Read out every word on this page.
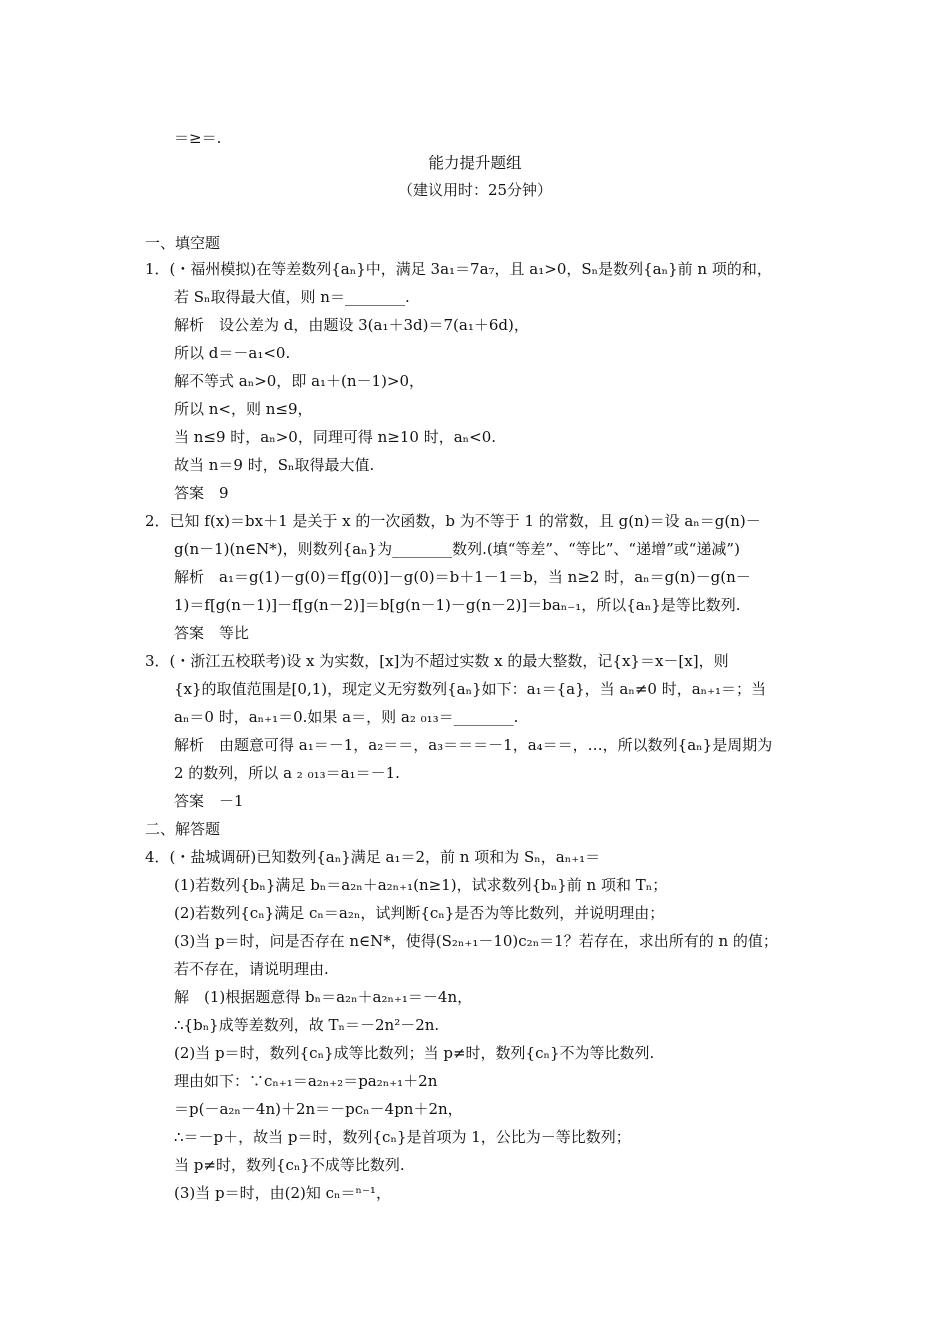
＝≥＝.
能力提升题组
（建议用时：25分钟）
一、填空题
1．(・福州模拟)在等差数列{aₙ}中，满足 3a₁＝7a₇，且 a₁>0，Sₙ是数列{aₙ}前 n 项的和，
若 Sₙ取得最大值，则 n＝________.
解析　设公差为 d，由题设 3(a₁＋3d)＝7(a₁＋6d)，
所以 d＝－a₁<0.
解不等式 aₙ>0，即 a₁＋(n－1)>0，
所以 n<，则 n≤9，
当 n≤9 时，aₙ>0，同理可得 n≥10 时，aₙ<0.
故当 n＝9 时，Sₙ取得最大值.
答案　9
2．已知 f(x)＝bx＋1 是关于 x 的一次函数，b 为不等于 1 的常数，且 g(n)＝设 aₙ＝g(n)－
g(n－1)(n∈N*)，则数列{aₙ}为________数列.(填“等差”、“等比”、“递增”或“递减”)
解析　a₁＝g(1)－g(0)＝f[g(0)]－g(0)＝b＋1－1＝b，当 n≥2 时，aₙ＝g(n)－g(n－
1)＝f[g(n－1)]－f[g(n－2)]＝b[g(n－1)－g(n－2)]＝baₙ₋₁，所以{aₙ}是等比数列.
答案　等比
3．(・浙江五校联考)设 x 为实数，[x]为不超过实数 x 的最大整数，记{x}＝x－[x]，则
{x}的取值范围是[0,1)，现定义无穷数列{aₙ}如下：a₁＝{a}，当 aₙ≠0 时，aₙ₊₁＝；当
aₙ＝0 时，aₙ₊₁＝0.如果 a＝，则 a₂ ₀₁₃＝________.
解析　由题意可得 a₁＝－1，a₂＝＝，a₃＝＝＝－1，a₄＝＝，…，所以数列{aₙ}是周期为
2 的数列，所以 a ₂ ₀₁₃＝a₁＝－1.
答案　－1
二、解答题
4．(・盐城调研)已知数列{aₙ}满足 a₁＝2，前 n 项和为 Sₙ，aₙ₊₁＝
(1)若数列{bₙ}满足 bₙ＝a₂ₙ＋a₂ₙ₊₁(n≥1)，试求数列{bₙ}前 n 项和 Tₙ；
(2)若数列{cₙ}满足 cₙ＝a₂ₙ，试判断{cₙ}是否为等比数列，并说明理由；
(3)当 p＝时，问是否存在 n∈N*，使得(S₂ₙ₊₁－10)c₂ₙ＝1？若存在，求出所有的 n 的值；
若不存在，请说明理由.
解　(1)根据题意得 bₙ＝a₂ₙ＋a₂ₙ₊₁＝－4n，
∴{bₙ}成等差数列，故 Tₙ＝－2n²－2n.
(2)当 p＝时，数列{cₙ}成等比数列；当 p≠时，数列{cₙ}不为等比数列.
理由如下：∵cₙ₊₁＝a₂ₙ₊₂＝pa₂ₙ₊₁＋2n
＝p(－a₂ₙ－4n)＋2n＝－pcₙ－4pn＋2n，
∴＝－p＋，故当 p＝时，数列{cₙ}是首项为 1，公比为－等比数列；
当 p≠时，数列{cₙ}不成等比数列.
(3)当 p＝时，由(2)知 cₙ＝ⁿ⁻¹，
